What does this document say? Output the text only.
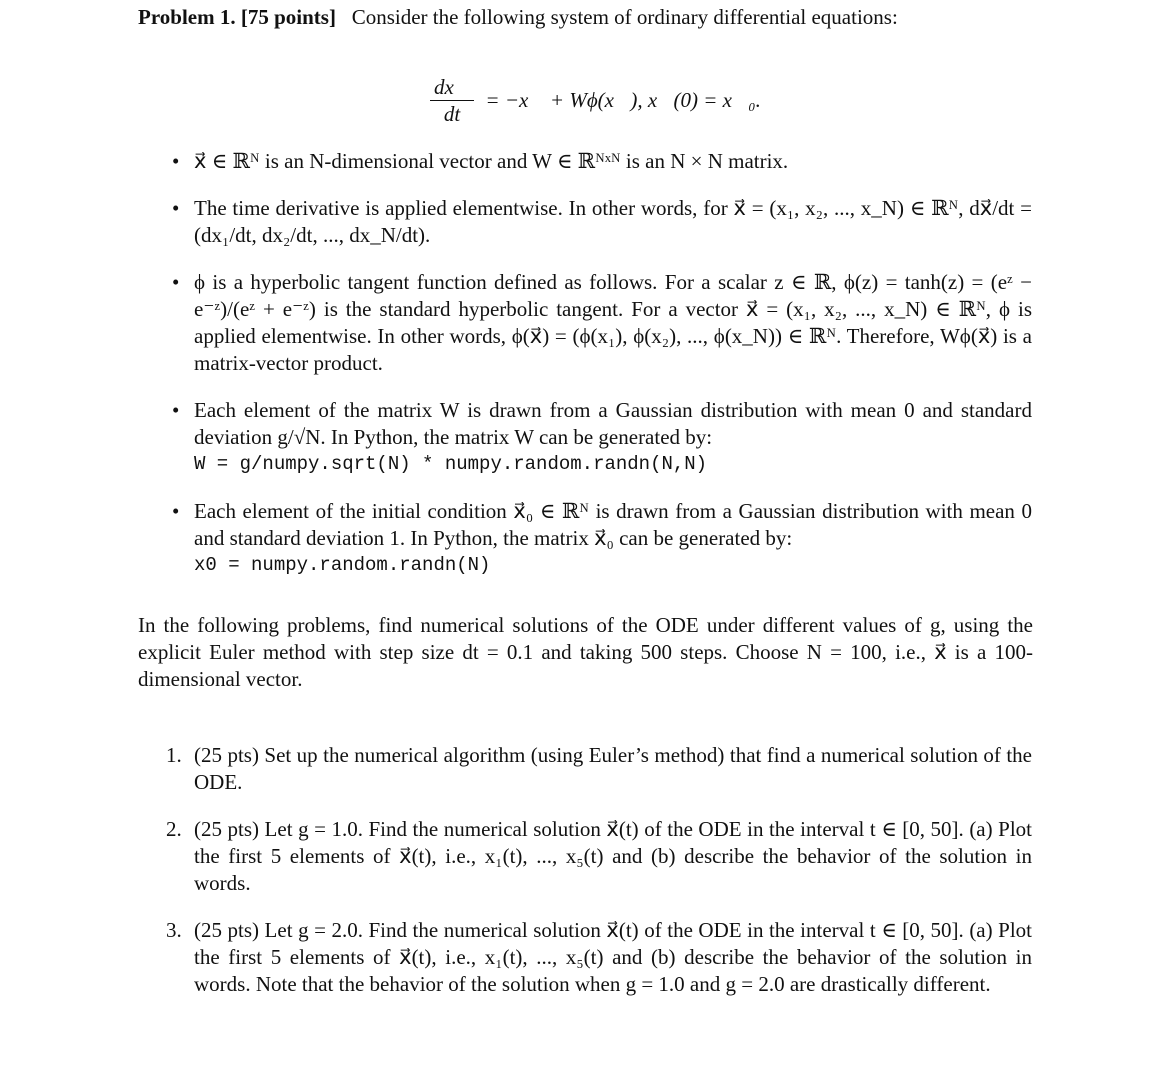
Problem 1. [75 points] Consider the following system of ordinary differential equations:
$\frac{dx⃗}{dt}$ = −x⃗ + Wϕ(x⃗), x⃗(0) = x⃗₀.
• x⃗ ∈ ℝᴺ is an N-dimensional vector and W ∈ ℝᴺˣᴺ is an N × N matrix.
• The time derivative is applied elementwise. In other words, for x⃗ = (x₁, x₂, ..., x_N) ∈ ℝᴺ, dx⃗/dt = (dx₁/dt, dx₂/dt, ..., dx_N/dt).
• ϕ is a hyperbolic tangent function defined as follows. For a scalar z ∈ ℝ, ϕ(z) = tanh(z) = (eᶻ − e⁻ᶻ)/(eᶻ + e⁻ᶻ) is the standard hyperbolic tangent. For a vector x⃗ = (x₁, x₂, ..., x_N) ∈ ℝᴺ, ϕ is applied elementwise. In other words, ϕ(x⃗) = (ϕ(x₁), ϕ(x₂), ..., ϕ(x_N)) ∈ ℝᴺ. Therefore, Wϕ(x⃗) is a matrix-vector product.
• Each element of the matrix W is drawn from a Gaussian distribution with mean 0 and standard deviation g/√N. In Python, the matrix W can be generated by:
W = g/numpy.sqrt(N) * numpy.random.randn(N,N)
• Each element of the initial condition x⃗₀ ∈ ℝᴺ is drawn from a Gaussian distribution with mean 0 and standard deviation 1. In Python, the matrix x⃗₀ can be generated by:
x0 = numpy.random.randn(N)
In the following problems, find numerical solutions of the ODE under different values of g, using the explicit Euler method with step size dt = 0.1 and taking 500 steps. Choose N = 100, i.e., x⃗ is a 100-dimensional vector.
1. (25 pts) Set up the numerical algorithm (using Euler’s method) that find a numerical solution of the ODE.
2. (25 pts) Let g = 1.0. Find the numerical solution x⃗(t) of the ODE in the interval t ∈ [0, 50]. (a) Plot the first 5 elements of x⃗(t), i.e., x₁(t), ..., x₅(t) and (b) describe the behavior of the solution in words.
3. (25 pts) Let g = 2.0. Find the numerical solution x⃗(t) of the ODE in the interval t ∈ [0, 50]. (a) Plot the first 5 elements of x⃗(t), i.e., x₁(t), ..., x₅(t) and (b) describe the behavior of the solution in words. Note that the behavior of the solution when g = 1.0 and g = 2.0 are drastically different.
